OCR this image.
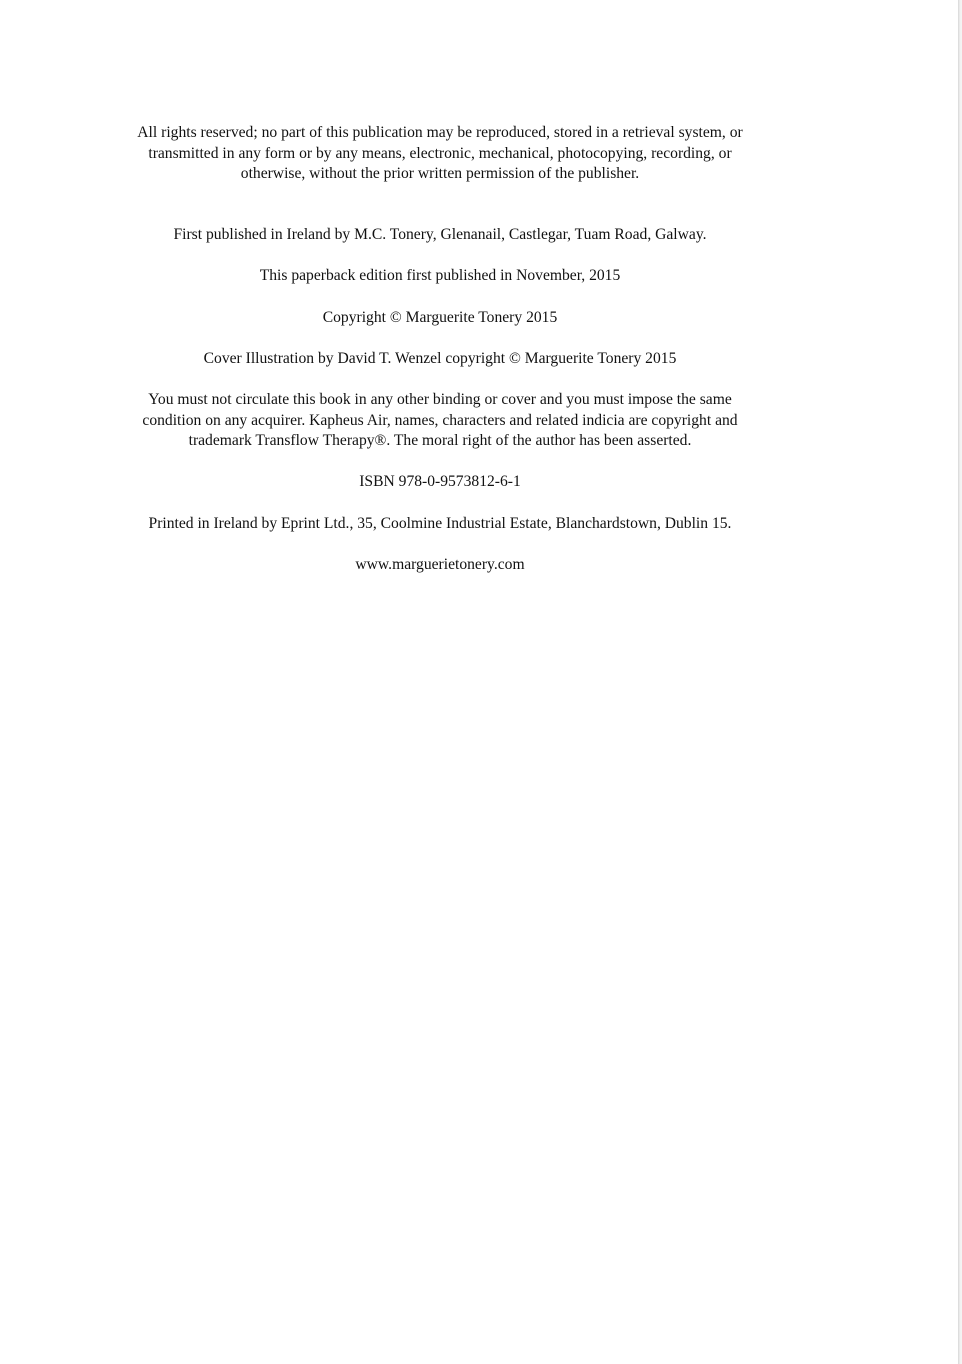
All rights reserved; no part of this publication may be reproduced, stored in a retrieval system, or
transmitted in any form or by any means, electronic, mechanical, photocopying, recording, or
otherwise, without the prior written permission of the publisher.

First published in Ireland by M.C. Tonery, Glenanail, Castlegar, Tuam Road, Galway.

This paperback edition first published in November, 2015

Copyright © Marguerite Tonery 2015

Cover Illustration by David T. Wenzel copyright © Marguerite Tonery 2015

You must not circulate this book in any other binding or cover and you must impose the same
condition on any acquirer. Kapheus Air, names, characters and related indicia are copyright and
trademark Transflow Therapy®. The moral right of the author has been asserted.

ISBN 978-0-9573812-6-1

Printed in Ireland by Eprint Ltd., 35, Coolmine Industrial Estate, Blanchardstown, Dublin 15.

www.marguerietonery.com
